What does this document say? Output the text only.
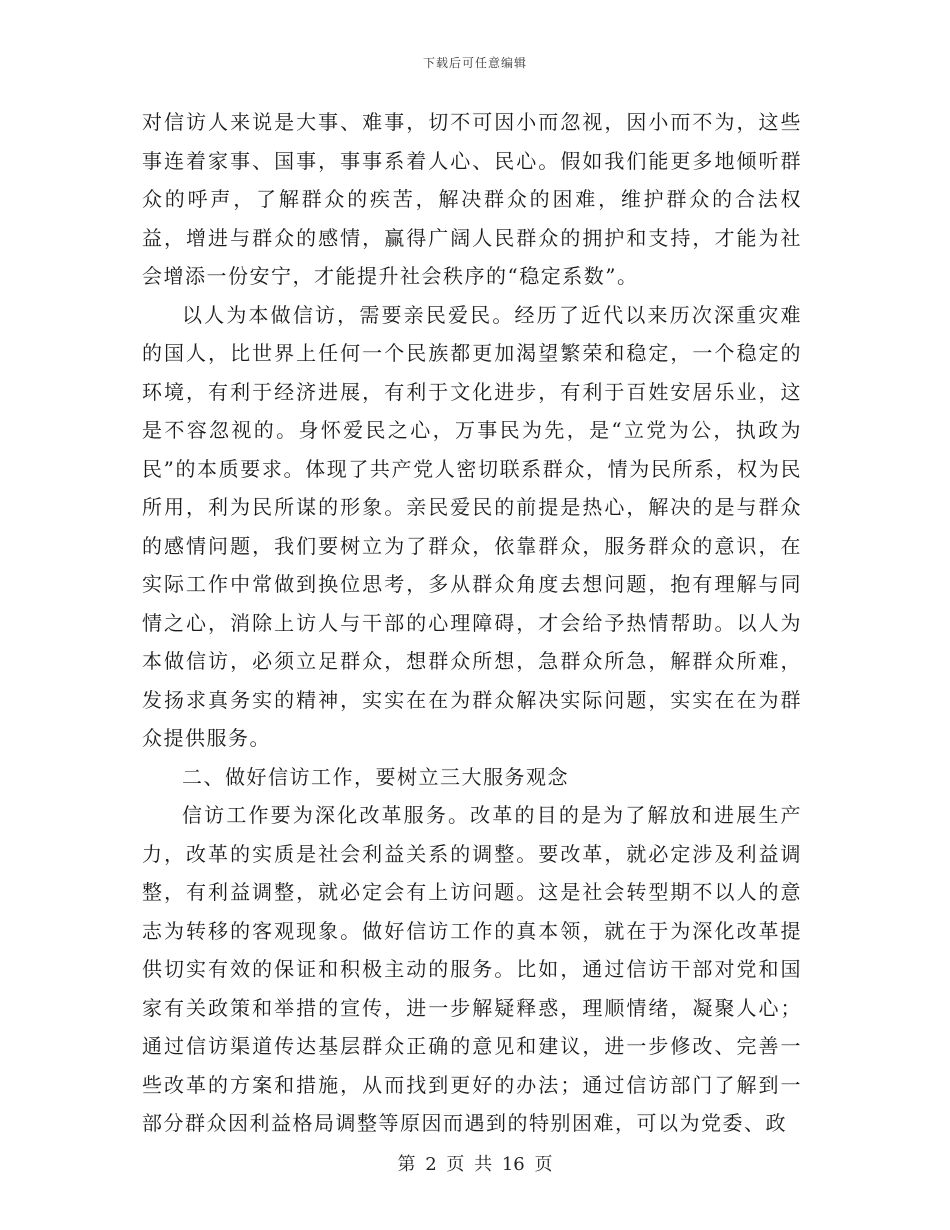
下载后可任意编辑

对信访人来说是大事、难事，切不可因小而忽视，因小而不为，这些事连着家事、国事，事事系着人心、民心。假如我们能更多地倾听群众的呼声，了解群众的疾苦，解决群众的困难，维护群众的合法权益，增进与群众的感情，赢得广阔人民群众的拥护和支持，才能为社会增添一份安宁，才能提升社会秩序的“稳定系数”。

以人为本做信访，需要亲民爱民。经历了近代以来历次深重灾难的国人，比世界上任何一个民族都更加渴望繁荣和稳定，一个稳定的环境，有利于经济进展，有利于文化进步，有利于百姓安居乐业，这是不容忽视的。身怀爱民之心，万事民为先，是“立党为公，执政为民”的本质要求。体现了共产党人密切联系群众，情为民所系，权为民所用，利为民所谋的形象。亲民爱民的前提是热心，解决的是与群众的感情问题，我们要树立为了群众，依靠群众，服务群众的意识，在实际工作中常做到换位思考，多从群众角度去想问题，抱有理解与同情之心，消除上访人与干部的心理障碍，才会给予热情帮助。以人为本做信访，必须立足群众，想群众所想，急群众所急，解群众所难，发扬求真务实的精神，实实在在为群众解决实际问题，实实在在为群众提供服务。

二、做好信访工作，要树立三大服务观念

信访工作要为深化改革服务。改革的目的是为了解放和进展生产力，改革的实质是社会利益关系的调整。要改革，就必定涉及利益调整，有利益调整，就必定会有上访问题。这是社会转型期不以人的意志为转移的客观现象。做好信访工作的真本领，就在于为深化改革提供切实有效的保证和积极主动的服务。比如，通过信访干部对党和国家有关政策和举措的宣传，进一步解疑释惑，理顺情绪，凝聚人心；通过信访渠道传达基层群众正确的意见和建议，进一步修改、完善一些改革的方案和措施，从而找到更好的办法；通过信访部门了解到一部分群众因利益格局调整等原因而遇到的特别困难，可以为党委、政

第 2 页 共 16 页
